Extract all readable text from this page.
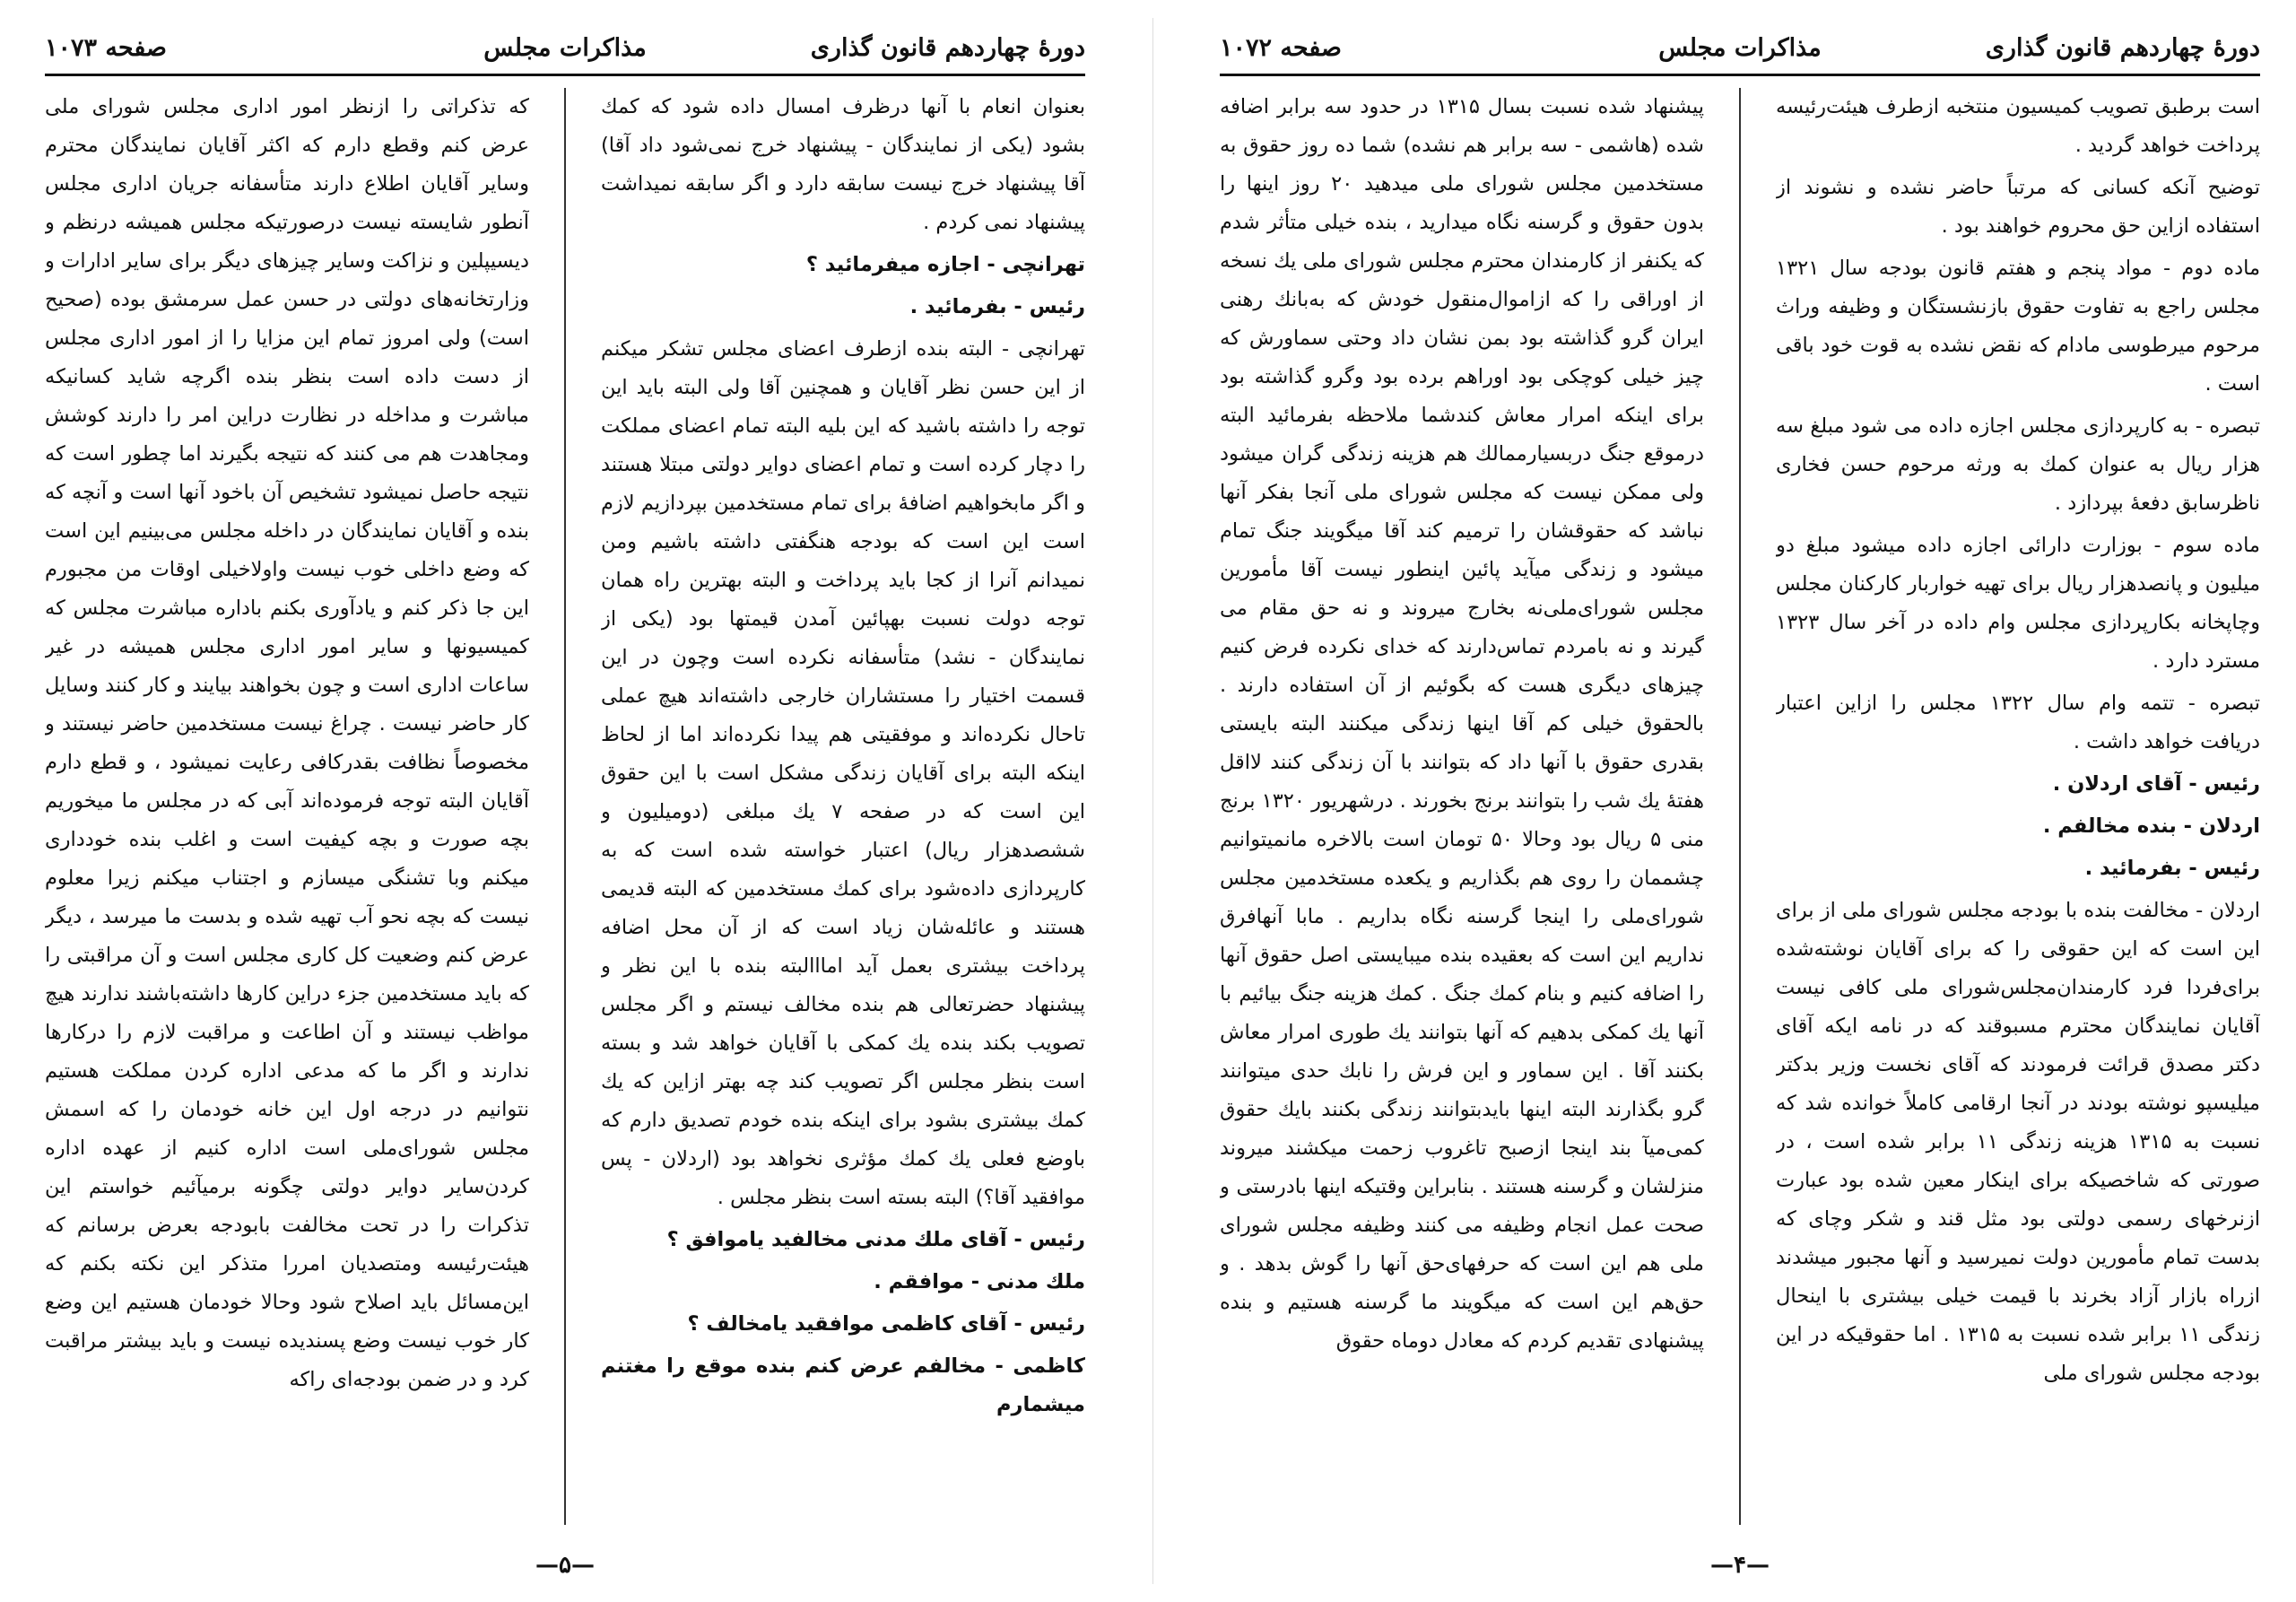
دورهٔ چهاردهم قانون گذاری
مذاکرات مجلس
صفحه ۱۰۷۳

بعنوان انعام با آنها درظرف امسال داده شود که کمك بشود (یکی از نمایندگان - پیشنهاد خرج نمی‌شود داد آقا) آقا پیشنهاد خرج نیست سابقه دارد و اگر سابقه نمیداشت پیشنهاد نمی کردم .

تهرانچی - اجازه میفرمائید ؟

رئیس - بفرمائید .

تهرانچی - البته بنده ازطرف اعضای مجلس تشکر میکنم از این حسن نظر آقایان و همچنین آقا ولی البته باید این توجه را داشته باشید که این بلیه البته تمام اعضای مملکت را دچار کرده است و تمام اعضای دوایر دولتی مبتلا هستند و اگر مابخواهیم اضافهٔ برای تمام مستخدمین بپردازیم لازم است این است که بودجه هنگفتی داشته باشیم ومن نمیدانم آنرا از کجا باید پرداخت و البته بهترین راه همان توجه دولت نسبت بهپائین آمدن قیمتها بود (یکی از نمایندگان - نشد) متأسفانه نکرده است وچون در این قسمت اختیار را مستشاران خارجی داشته‌اند هیچ عملی تاحال نکرده‌اند و موفقیتی هم پیدا نکرده‌اند اما از لحاظ اینکه البته برای آقایان زندگی مشکل است با این حقوق این است که در صفحه ۷ یك مبلغی (دومیلیون و ششصدهزار ریال) اعتبار خواسته شده است که به کارپردازی داده‌شود برای کمك مستخدمین که البته قدیمی هستند و عائله‌شان زیاد است که از آن محل اضافه پرداخت بیشتری بعمل آید امااالبته بنده با این نظر و پیشنهاد حضرتعالی هم بنده مخالف نیستم و اگر مجلس تصویب بکند بنده یك کمکی با آقایان خواهد شد و بسته است بنظر مجلس اگر تصویب کند چه بهتر ازاین که یك کمك بیشتری بشود برای اینکه بنده خودم تصدیق دارم که باوضع فعلی یك کمك مؤثری نخواهد بود (اردلان - پس موافقید آقا؟) البته بسته است بنظر مجلس .

رئیس - آقای ملك مدنی مخالفید یاموافق ؟

ملك مدنی - موافقم .

رئیس - آقای کاظمی موافقید یامخالف ؟

کاظمی - مخالفم عرض کنم بنده موقع را مغتنم میشمارم

که تذکراتی را ازنظر امور اداری مجلس شورای ملی عرض کنم وقطع دارم که اکثر آقایان نمایندگان محترم وسایر آقایان اطلاع دارند متأسفانه جریان اداری مجلس آنطور شایسته نیست درصورتیکه مجلس همیشه درنظم و دیسیپلین و نزاکت وسایر چیزهای دیگر برای سایر ادارات و وزارتخانه‌های دولتی در حسن عمل سرمشق بوده (صحیح است) ولی امروز تمام این مزایا را از امور اداری مجلس از دست داده است بنظر بنده اگرچه شاید کسانیکه مباشرت و مداخله در نظارت دراین امر را دارند کوشش ومجاهدت هم می کنند که نتیجه بگیرند اما چطور است که نتیجه حاصل نمیشود تشخیص آن باخود آنها است و آنچه که بنده و آقایان نمایندگان در داخله مجلس می‌بینیم این است که وضع داخلی خوب نیست واولاخیلی اوقات من مجبورم این جا ذکر کنم و یادآوری بکنم باداره مباشرت مجلس که کمیسیونها و سایر امور اداری مجلس همیشه در غیر ساعات اداری است و چون بخواهند بیایند و کار کنند وسایل کار حاضر نیست . چراغ نیست مستخدمین حاضر نیستند و مخصوصاً نظافت بقدرکافی رعایت نمیشود ، و قطع دارم آقایان البته توجه فرموده‌اند آبی که در مجلس ما میخوریم بچه صورت و بچه کیفیت است و اغلب بنده خودداری میکنم وبا تشنگی میسازم و اجتناب میکنم زیرا معلوم نیست که بچه نحو آب تهیه شده و بدست ما میرسد ، دیگر عرض کنم وضعیت کل کاری مجلس است و آن مراقبتی را که باید مستخدمین جزء دراین کارها داشته‌باشند ندارند هیچ مواظب نیستند و آن اطاعت و مراقبت لازم را درکارها ندارند و اگر ما که مدعی اداره کردن مملکت هستیم نتوانیم در درجه اول این خانه خودمان را که اسمش مجلس شورای‌ملی است اداره کنیم از عهده اداره کردن‌سایر دوایر دولتی چگونه برمیآئیم خواستم این تذکرات را در تحت مخالفت بابودجه بعرض برسانم که هیئت‌رئیسه ومتصدیان امررا متذکر این نکته بکنم که این‌مسائل باید اصلاح شود وحالا خودمان هستیم این وضع کار خوب نیست وضع پسندیده نیست و باید بیشتر مراقبت کرد و در ضمن بودجه‌ای راکه

—۵—
دورهٔ چهاردهم قانون گذاری
مذاکرات مجلس
صفحه ۱۰۷۲

است برطبق تصویب کمیسیون منتخبه ازطرف هیئت‌رئیسه پرداخت خواهد گردید .

توضیح آنکه کسانی که مرتباً حاضر نشده و نشوند از استفاده ازاین حق محروم خواهند بود .

ماده دوم - مواد پنجم و هفتم قانون بودجه سال ۱۳۲۱ مجلس راجع به تفاوت حقوق بازنشستگان و وظیفه وراث مرحوم میرطوسی مادام که نقض نشده به قوت خود باقی است .

تبصره - به کارپردازی مجلس اجازه داده می شود مبلغ سه هزار ریال به عنوان کمك به ورثه مرحوم حسن فخاری ناظرسابق دفعهٔ بپردازد .

ماده سوم - بوزارت دارائی اجازه داده میشود مبلغ دو میلیون و پانصدهزار ریال برای تهیه خواربار کارکنان مجلس وچاپخانه بکارپردازی مجلس وام داده در آخر سال ۱۳۲۳ مسترد دارد .

تبصره - تتمه وام سال ۱۳۲۲ مجلس را ازاین اعتبار دریافت خواهد داشت .

رئیس - آقای اردلان .

اردلان - بنده مخالفم .

رئیس - بفرمائید .

اردلان - مخالفت بنده با بودجه مجلس شورای ملی از برای این است که این حقوقی را که برای آقایان نوشته‌شده برای‌فردا فرد کارمندان‌مجلس‌شورای ملی کافی نیست آقایان نمایندگان محترم مسبوقند که در نامه ایکه آقای دکتر مصدق قرائت فرمودند که آقای نخست وزیر بدکتر میلیسپو نوشته بودند در آنجا ارقامی کاملاً خوانده شد که نسبت به ۱۳۱۵ هزینه زندگی ۱۱ برابر شده است ، در صورتی که شاخصیکه برای اینکار معین شده بود عبارت ازنرخهای رسمی دولتی بود مثل قند و شکر وچای که بدست تمام مأمورین دولت نمیرسید و آنها مجبور میشدند ازراه بازار آزاد بخرند با قیمت خیلی بیشتری با اینحال زندگی ۱۱ برابر شده نسبت به ۱۳۱۵ . اما حقوقیکه در این بودجه مجلس شورای ملی

پیشنهاد شده نسبت بسال ۱۳۱۵ در حدود سه برابر اضافه شده (هاشمی - سه برابر هم نشده) شما ده روز حقوق به مستخدمین مجلس شورای ملی میدهید ۲۰ روز اینها را بدون حقوق و گرسنه نگاه میدارید ، بنده خیلی متأثر شدم که یکنفر از کارمندان محترم مجلس شورای ملی یك نسخه از اوراقی را که ازاموال‌منقول خودش که به‌بانك رهنی ایران گرو گذاشته بود بمن نشان داد وحتی سماورش که چیز خیلی کوچکی بود اوراهم برده بود وگرو گذاشته بود برای اینکه امرار معاش کندشما ملاحظه بفرمائید البته درموقع جنگ دربسیارممالك هم هزینه زندگی گران میشود ولی ممکن نیست که مجلس شورای ملی آنجا بفکر آنها نباشد که حقوقشان را ترمیم کند آقا میگویند جنگ تمام میشود و زندگی میآید پائین اینطور نیست آقا مأمورین مجلس شورای‌ملی‌نه بخارج میروند و نه حق مقام می گیرند و نه بامردم تماس‌دارند که خدای نکرده فرض کنیم چیزهای دیگری هست که بگوئیم از آن استفاده دارند . بالحقوق خیلی کم آقا اینها زندگی میکنند البته بایستی بقدری حقوق با آنها داد که بتوانند با آن زندگی کنند لااقل هفتهٔ یك شب را بتوانند برنج بخورند . درشهریور ۱۳۲۰ برنج منی ۵ ریال بود وحالا ۵۰ تومان است بالاخره مانمیتوانیم چشممان را روی هم بگذاریم و یکعده مستخدمین مجلس شورای‌ملی را اینجا گرسنه نگاه بداریم . مابا آنهافرق نداریم این است که بعقیده بنده میبایستی اصل حقوق آنها را اضافه کنیم و بنام کمك جنگ . کمك هزینه جنگ بیائیم با آنها یك کمکی بدهیم که آنها بتوانند یك طوری امرار معاش بکنند آقا . این سماور و این فرش را نابك حدی میتوانند گرو بگذارند البته اینها بایدبتوانند زندگی بکنند بایك حقوق کمی‌میآ بند اینجا ازصبح تاغروب زحمت میکشند میروند منزلشان و گرسنه هستند . بنابراین وقتیکه اینها بادرستی و صحت عمل انجام وظیفه می کنند وظیفه مجلس شورای ملی هم این است که حرفهای‌حق آنها را گوش بدهد . و حق‌هم این است که میگویند ما گرسنه هستیم و بنده پیشنهادی تقدیم کردم که معادل دوماه حقوق

—۴—
